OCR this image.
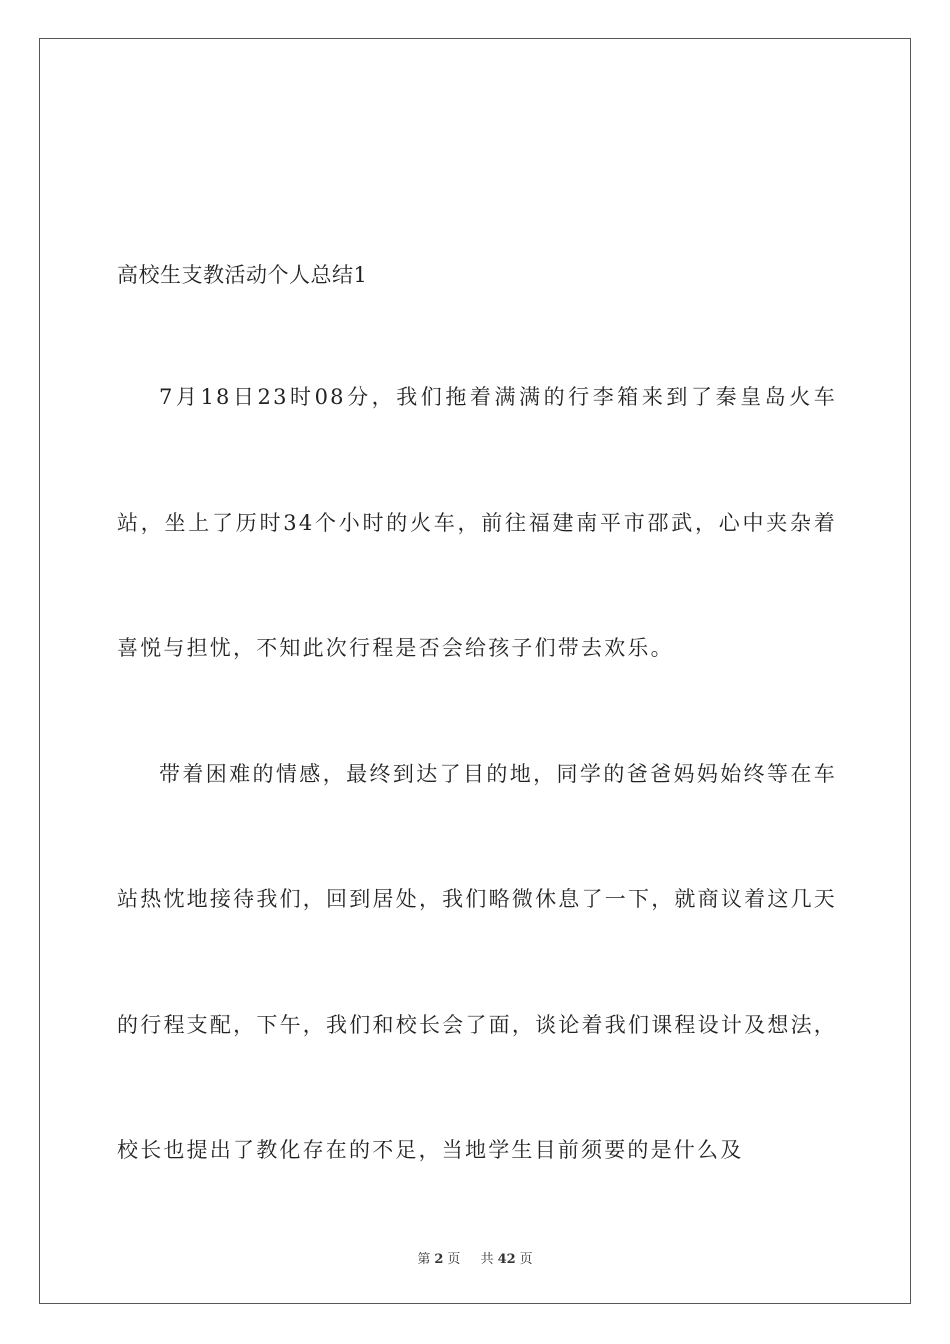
高校生支教活动个人总结1

7月18日23时08分，我们拖着满满的行李箱来到了秦皇岛火车站，坐上了历时34个小时的火车，前往福建南平市邵武，心中夹杂着喜悦与担忧，不知此次行程是否会给孩子们带去欢乐。

带着困难的情感，最终到达了目的地，同学的爸爸妈妈始终等在车站热忱地接待我们，回到居处，我们略微休息了一下，就商议着这几天的行程支配，下午，我们和校长会了面，谈论着我们课程设计及想法，校长也提出了教化存在的不足，当地学生目前须要的是什么及

第 2 页 共 42 页
